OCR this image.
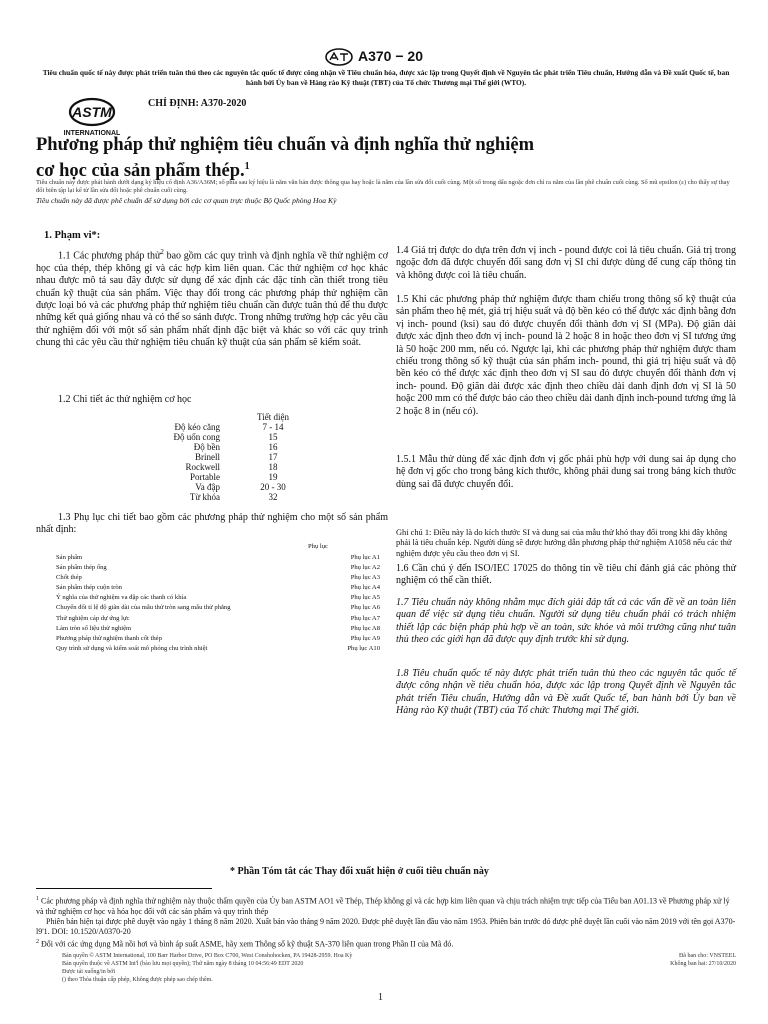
A370 − 20
Tiêu chuẩn quốc tế này được phát triển tuân thủ theo các nguyên tắc quốc tế được công nhận về Tiêu chuẩn hóa, được xác lập trong Quyết định về Nguyên tắc phát triển Tiêu chuẩn, Hướng dẫn và Đề xuất Quốc tế, ban hành bởi Ủy ban về Hàng rào Kỹ thuật (TBT) của Tổ chức Thương mại Thế giới (WTO).
ASTM
INTERNATIONAL
CHỈ ĐỊNH: A370-2020
Phương pháp thử nghiệm tiêu chuẩn và định nghĩa thử nghiệm
cơ học của sản phẩm thép.$^1$
Tiêu chuẩn này được phát hành dưới dạng ký hiệu cố định A36/A36M; số phía sau ký hiệu là năm văn bản được thông qua hay hoặc là năm của lần sửa đổi cuối cùng. Một số trong dấu ngoặc đơn chỉ ra năm của lần phê chuẩn cuối cùng. Số mũ epsilon (ε) cho thấy sự thay đổi biên tập lại kể từ lần sửa đổi hoặc phê chuẩn cuối cùng.
Tiêu chuẩn này đã được phê chuẩn để sử dụng bởi các cơ quan trực thuộc Bộ Quốc phòng Hoa Kỳ
1. Phạm vi*:

1.1 Các phương pháp thử$^2$ bao gồm các quy trình và định nghĩa về thử nghiệm cơ học của thép, thép không gỉ và các hợp kim liên quan. Các thử nghiệm cơ học khác nhau được mô tả sau đây được sử dụng để xác định các đặc tính cần thiết trong tiêu chuẩn kỹ thuật của sản phẩm. Việc thay đổi trong các phương pháp thử nghiệm cần được loại bỏ và các phương pháp thử nghiệm tiêu chuẩn cần được tuân thủ để thu được những kết quả giống nhau và có thể so sánh được. Trong những trường hợp các yêu cầu thử nghiệm đối với một số sản phẩm nhất định đặc biệt và khác so với các quy trình chung thì các yêu cầu thử nghiệm tiêu chuẩn kỹ thuật của sản phẩm sẽ kiểm soát.

1.2 Chi tiết ác thử nghiệm cơ học
	Tiết diện
Độ kéo căng	7 - 14
Độ uốn cong	15
Độ bền	16
Brinell	17
Rockwell	18
Portable	19
Va đập	20 - 30
Từ khóa	32

1.3 Phụ lục chi tiết bao gồm các phương pháp thử nghiệm cho một số sản phẩm nhất định:

Phụ lục
Sản phẩm	Phụ lục A1
Sản phẩm thép ống	Phụ lục A2
Chốt thép	Phụ lục A3
Sản phẩm thép cuộn tròn	Phụ lục A4
Ý nghĩa của thử nghiệm va đập các thanh có khía	Phụ lục A5
Chuyển đổi tỉ lệ độ giãn dài của mẫu thử tròn sang mẫu thử phẳng	Phụ lục A6
Thử nghiệm cáp dự ứng lực	Phụ lục A7
Làm tròn số liệu thử nghiệm	Phụ lục A8
Phương pháp thử nghiệm thanh cốt thép	Phụ lục A9
Quy trình sử dụng và kiểm soát mô phỏng chu trình nhiệt	Phụ lục A10
1.4 Giá trị được do dựa trên đơn vị inch - pound được coi là tiêu chuẩn. Giá trị trong ngoặc đơn đã được chuyển đổi sang đơn vị SI chỉ được dùng để cung cấp thông tin và không được coi là tiêu chuẩn.
1.5 Khi các phương pháp thử nghiệm được tham chiếu trong thông số kỹ thuật của sản phẩm theo hệ mét, giá trị hiệu suất và độ bền kéo có thể được xác định bằng đơn vị inch- pound (ksi) sau đó được chuyển đổi thành đơn vị SI (MPa). Độ giãn dài được xác định theo đơn vị inch- pound là 2 hoặc 8 in hoặc theo đơn vị SI tương ứng là 50 hoặc 200 mm, nếu có. Ngược lại, khi các phương pháp thử nghiệm được tham chiếu trong thông số kỹ thuật của sản phẩm inch- pound, thì giá trị hiệu suất và độ bền kéo có thể được xác định theo đơn vị SI sau đó được chuyển đổi thành đơn vị inch- pound. Độ giãn dài được xác định theo chiều dài danh định đơn vị SI là 50 hoặc 200 mm có thể được báo cáo theo chiều dài danh định inch-pound tương ứng là 2 hoặc 8 in (nếu có).
1.5.1 Mẫu thử dùng để xác định đơn vị gốc phải phù hợp với dung sai áp dụng cho hệ đơn vị gốc cho trong bảng kích thước, không phải dung sai trong bảng kích thước dùng sai đã được chuyển đổi.
Ghi chú 1: Điều này là do kích thước SI và dung sai của mẫu thử khó thay đổi trong khi đây không phải là tiêu chuẩn kép. Người dùng sẽ được hướng dẫn phương pháp thử nghiệm A1058 nếu các thử nghiệm được yêu cầu theo đơn vị SI.
1.6 Cần chú ý đến ISO/IEC 17025 do thông tin về tiêu chí đánh giá các phòng thử nghiệm có thể cần thiết.
1.7 Tiêu chuẩn này không nhằm mục đích giải đáp tất cả các vấn đề về an toàn liên quan để việc sử dụng tiêu chuẩn. Người sử dụng tiêu chuẩn phải có trách nhiệm thiết lập các biện pháp phù hợp về an toàn, sức khỏe và môi trường cũng như tuân thủ theo các giới hạn đã được quy định trước khi sử dụng.
1.8 Tiêu chuẩn quốc tế này được phát triển tuân thủ theo các nguyên tắc quốc tế được công nhận về tiêu chuẩn hóa, được xác lập trong Quyết định về Nguyên tắc phát triển Tiêu chuẩn, Hướng dẫn và Đề xuất Quốc tế, ban hành bởi Ủy ban về Hàng rào Kỹ thuật (TBT) của Tổ chức Thương mại Thế giới.
* Phần Tóm tắt các Thay đổi xuất hiện ở cuối tiêu chuẩn này
$^1$ Các phương pháp và định nghĩa thử nghiệm này thuộc thẩm quyền của Ủy ban ASTM AO1 về Thép, Thép không gỉ và các hợp kim liên quan và chịu trách nhiệm trực tiếp của Tiểu ban A01.13 về Phương pháp xử lý và thử nghiệm cơ học và hóa học đối với các sản phẩm và quy trình thép
Phiên bản hiện tại được phê duyệt vào ngày 1 tháng 8 năm 2020. Xuất bản vào tháng 9 năm 2020. Được phê duyệt lần đầu vào năm 1953. Phiên bản trước đó được phê duyệt lần cuối vào năm 2019 với tên gọi A370- l9'1. DOI: 10.1520/A0370-20
$^2$ Đối với các ứng dụng Mã nồi hơi và bình áp suất ASME, hãy xem Thông số kỹ thuật SA-370 liên quan trong Phần II của Mã đó.
Bản quyền © ASTM International, 100 Barr Harbor Drive, PO Box C700, West Conshohocken, PA 19428-2959. Hoa Kỳ
Bản quyền thuộc về ASTM Int'l (bảo lưu mọi quyền); Thứ năm ngày 8 tháng 10 04:56:49 EDT 2020
Được tải xuống/in bởi
() theo Thỏa thuận cấp phép, Không được phép sao chép thêm.
Đã ban cho: VNSTEEL
Không ban hai: 27/10/2020
1
